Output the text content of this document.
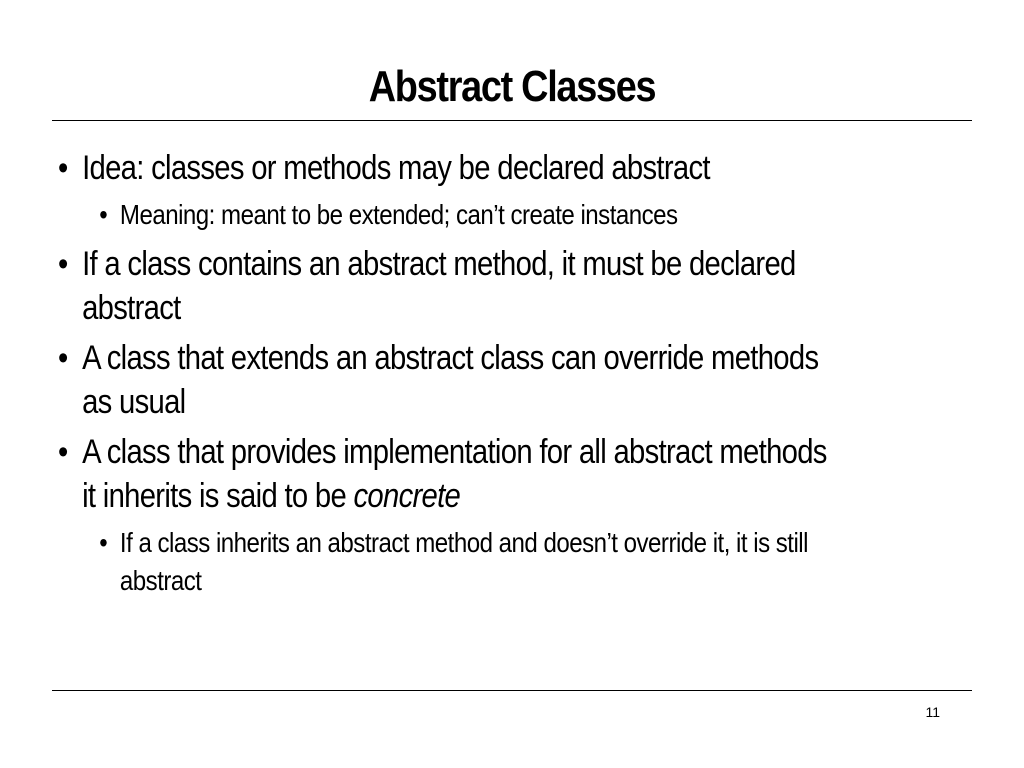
Abstract Classes
• Idea: classes or methods may be declared abstract
• Meaning: meant to be extended; can’t create instances
• If a class contains an abstract method, it must be declared
abstract
• A class that extends an abstract class can override methods
as usual
• A class that provides implementation for all abstract methods
it inherits is said to be concrete
• If a class inherits an abstract method and doesn’t override it, it is still
abstract
11
